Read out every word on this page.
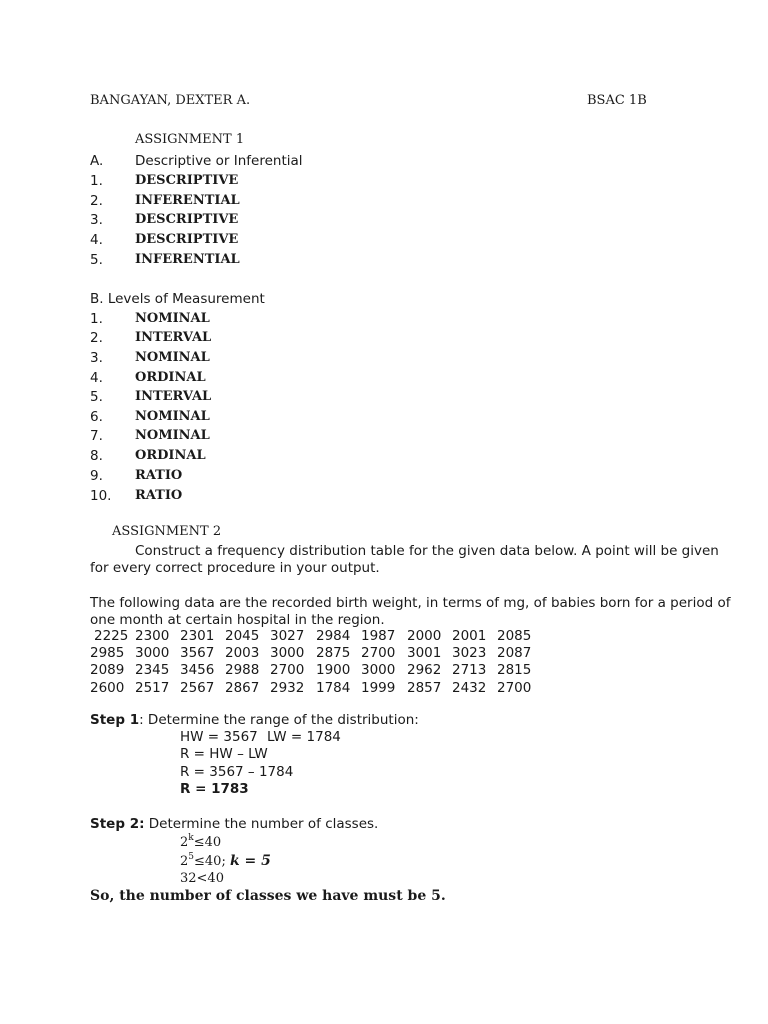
BANGAYAN, DEXTER A.	BSAC 1B
ASSIGNMENT 1
A. Descriptive or Inferential
1. DESCRIPTIVE
2. INFERENTIAL
3. DESCRIPTIVE
4. DESCRIPTIVE
5. INFERENTIAL
B. Levels of Measurement
1. NOMINAL
2. INTERVAL
3. NOMINAL
4. ORDINAL
5. INTERVAL
6. NOMINAL
7. NOMINAL
8. ORDINAL
9. RATIO
10. RATIO
ASSIGNMENT 2
Construct a frequency distribution table for the given data below. A point will be given
for every correct procedure in your output.
The following data are the recorded birth weight, in terms of mg, of babies born for a period of
one month at certain hospital in the region.
2225 2300 2301 2045 3027 2984 1987 2000 2001 2085
2985 3000 3567 2003 3000 2875 2700 3001 3023 2087
2089 2345 3456 2988 2700 1900 3000 2962 2713 2815
2600 2517 2567 2867 2932 1784 1999 2857 2432 2700
Step 1: Determine the range of the distribution:
HW = 3567 LW = 1784
R = HW – LW
R = 3567 – 1784
R = 1783
Step 2: Determine the number of classes.
$2^k\le 40$
$2^5\le 40$; k = 5
32<40
So, the number of classes we have must be 5.
